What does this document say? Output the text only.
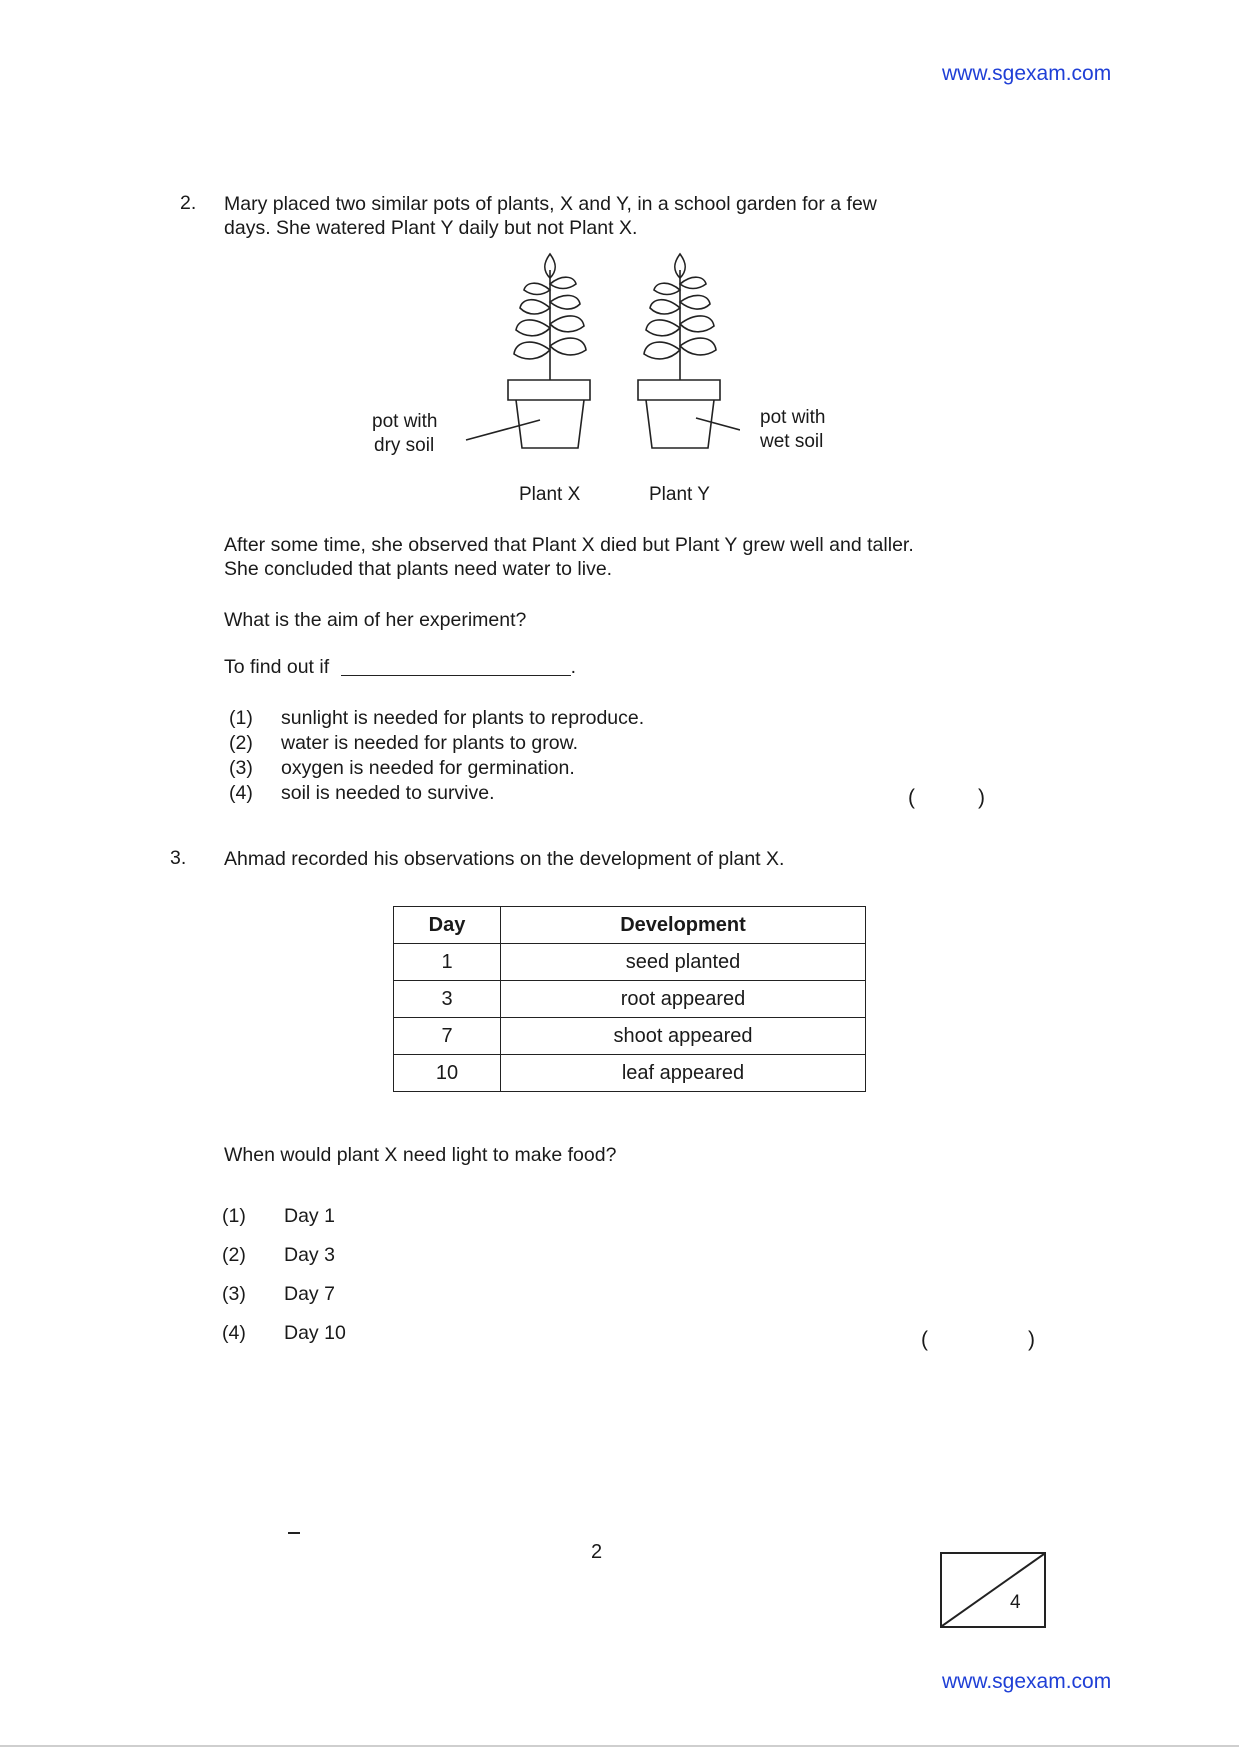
www.sgexam.com
2. Mary placed two similar pots of plants, X and Y, in a school garden for a few
days. She watered Plant Y daily but not Plant X.
pot with
dry soil
pot with
wet soil
Plant X	Plant Y
After some time, she observed that Plant X died but Plant Y grew well and taller.
She concluded that plants need water to live.
What is the aim of her experiment?
To find out if	.
(1) sunlight is needed for plants to reproduce.
(2) water is needed for plants to grow.
(3) oxygen is needed for germination.
(4) soil is needed to survive.	(	)
3. Ahmad recorded his observations on the development of plant X.
Day	Development
1	seed planted
3	root appeared
7	shoot appeared
10	leaf appeared
When would plant X need light to make food?
(1) Day 1
(2) Day 3
(3) Day 7
(4) Day 10	(	)
2
4
www.sgexam.com
